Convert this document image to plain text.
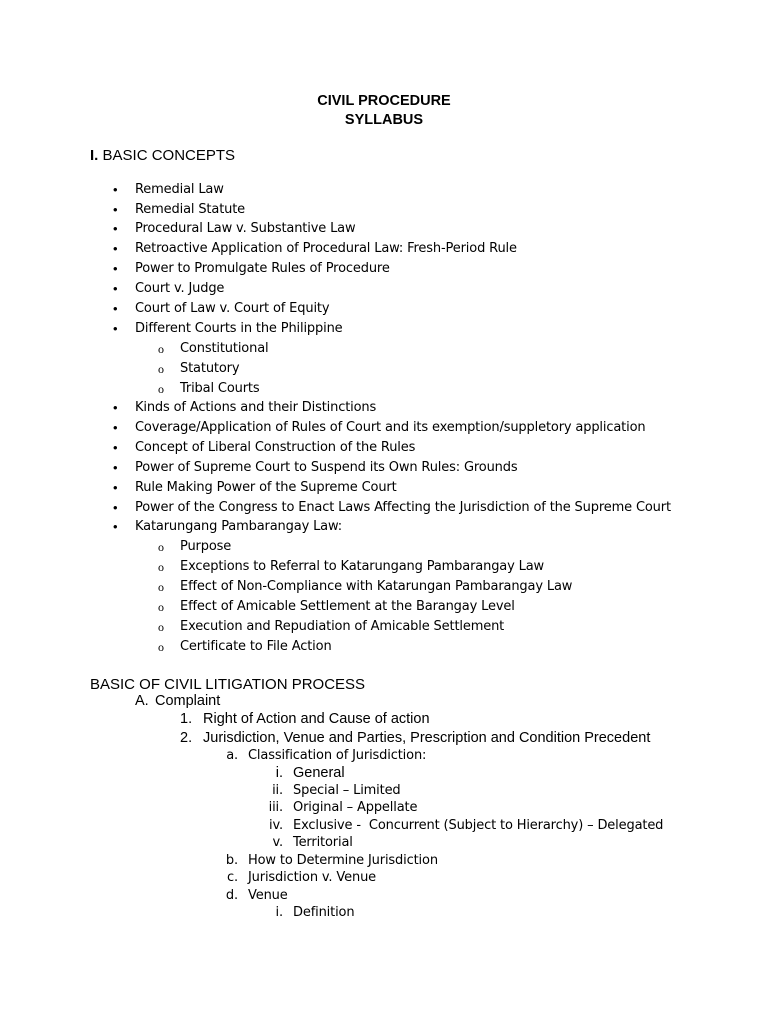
CIVIL PROCEDURE
SYLLABUS
I. BASIC CONCEPTS
• Remedial Law
• Remedial Statute
• Procedural Law v. Substantive Law
• Retroactive Application of Procedural Law: Fresh-Period Rule
• Power to Promulgate Rules of Procedure
• Court v. Judge
• Court of Law v. Court of Equity
• Different Courts in the Philippine
o Constitutional
o Statutory
o Tribal Courts
• Kinds of Actions and their Distinctions
• Coverage/Application of Rules of Court and its exemption/suppletory application
• Concept of Liberal Construction of the Rules
• Power of Supreme Court to Suspend its Own Rules: Grounds
• Rule Making Power of the Supreme Court
• Power of the Congress to Enact Laws Affecting the Jurisdiction of the Supreme Court
• Katarungang Pambarangay Law:
o Purpose
o Exceptions to Referral to Katarungang Pambarangay Law
o Effect of Non-Compliance with Katarungan Pambarangay Law
o Effect of Amicable Settlement at the Barangay Level
o Execution and Repudiation of Amicable Settlement
o Certificate to File Action
BASIC OF CIVIL LITIGATION PROCESS
A. Complaint
1. Right of Action and Cause of action
2. Jurisdiction, Venue and Parties, Prescription and Condition Precedent
a. Classification of Jurisdiction:
i. General
ii. Special – Limited
iii. Original – Appellate
iv. Exclusive -  Concurrent (Subject to Hierarchy) – Delegated
v. Territorial
b. How to Determine Jurisdiction
c. Jurisdiction v. Venue
d. Venue
i. Definition
